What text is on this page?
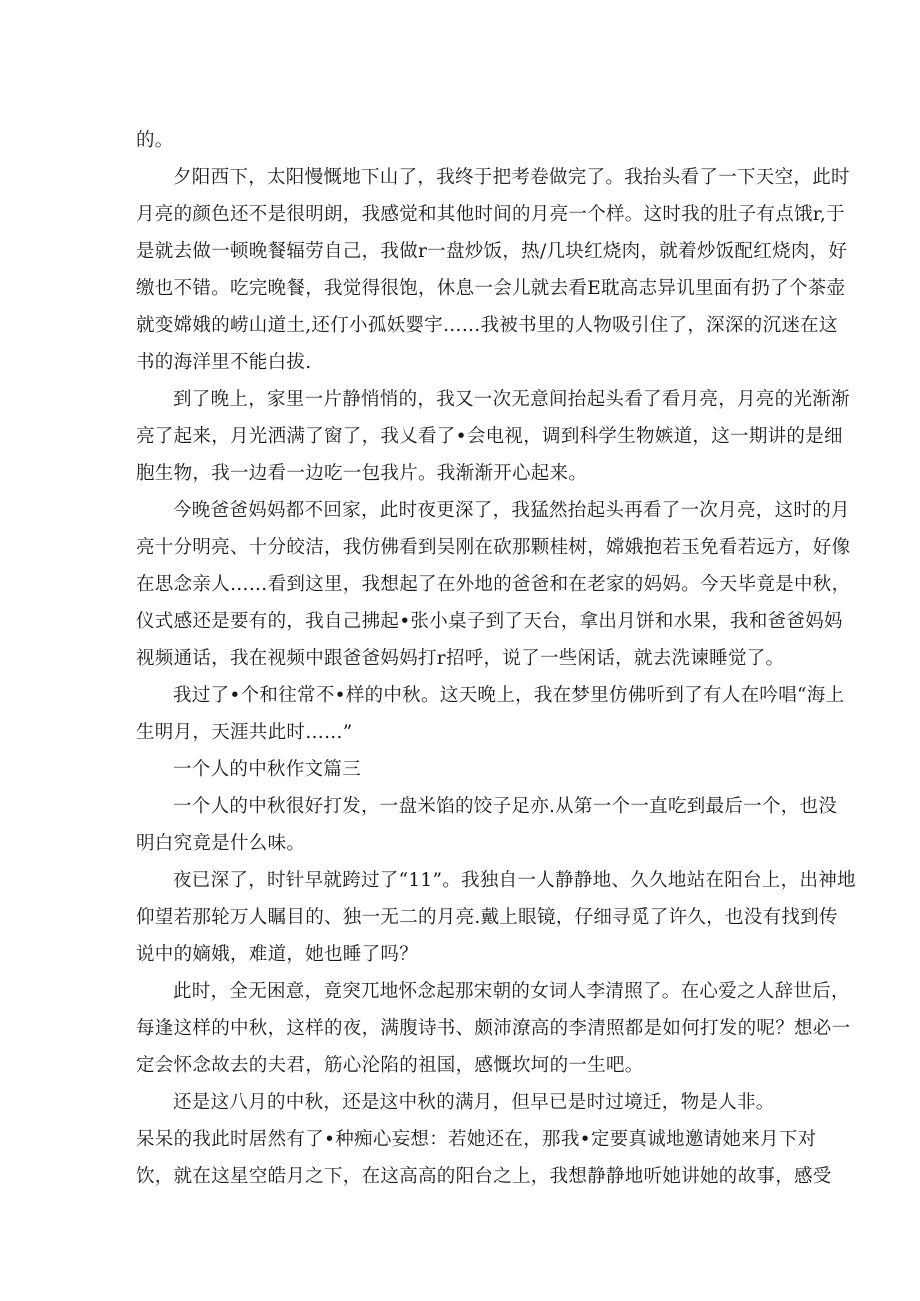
的。
夕阳西下，太阳慢慨地下山了，我终于把考卷做完了。我抬头看了一下天空，此时
月亮的颜色还不是很明朗，我感觉和其他时间的月亮一个样。这时我的肚子有点饿r,于
是就去做一顿晚餐辐劳自己，我做r一盘炒饭，热/几块红烧肉，就着炒饭配红烧肉，好
缴也不错。吃完晚餐，我觉得很饱，休息一会儿就去看E耽高志异讥里面有扔了个茶壶
就变嫦娥的崂山道土,还仃小孤妖婴宇……我被书里的人物吸引住了，深深的沉迷在这
书的海洋里不能白拔.
到了晚上，家里一片静悄悄的，我又一次无意间抬起头看了看月亮，月亮的光渐渐
亮了起来，月光洒满了窗了，我乂看了•会电视，调到科学生物嫉道，这一期讲的是细
胞生物，我一边看一边吃一包我片。我渐渐开心起来。
今晚爸爸妈妈都不回家，此时夜更深了，我猛然抬起头再看了一次月亮，这时的月
亮十分明亮、十分皎洁，我仿佛看到吴刚在砍那颗桂树，嫦娥抱若玉免看若远方，好像
在思念亲人……看到这里，我想起了在外地的爸爸和在老家的妈妈。今天毕竟是中秋，
仪式感还是要有的，我自己拂起•张小桌子到了天台，拿出月饼和水果，我和爸爸妈妈
视频通话，我在视频中跟爸爸妈妈打r招呼，说了一些闲话，就去洗谏睡觉了。
我过了•个和往常不•样的中秋。这天晚上，我在梦里仿佛听到了有人在吟唱“海上
生明月，天涯共此时……”
一个人的中秋作文篇三
一个人的中秋很好打发，一盘米馅的饺子足亦.从第一个一直吃到最后一个，也没
明白究竟是什么味。
夜已深了，时针早就跨过了“11”。我独自一人静静地、久久地站在阳台上，出神地
仰望若那轮万人瞩目的、独一无二的月亮.戴上眼镜，仔细寻觅了许久，也没有找到传
说中的嫡娥，难道，她也睡了吗？
此时，全无困意，竟突兀地怀念起那宋朝的女词人李清照了。在心爱之人辞世后，
每逢这样的中秋，这样的夜，满腹诗书、颇沛潦高的李清照都是如何打发的呢？想必一
定会怀念故去的夫君，筋心沦陷的祖国，感慨坎坷的一生吧。
还是这八月的中秋，还是这中秋的满月，但早已是时过境迁，物是人非。
呆呆的我此时居然有了•种痴心妄想：若她还在，那我•定要真诚地邀请她来月下对
饮，就在这星空皓月之下，在这高高的阳台之上，我想静静地听她讲她的故事，感受
